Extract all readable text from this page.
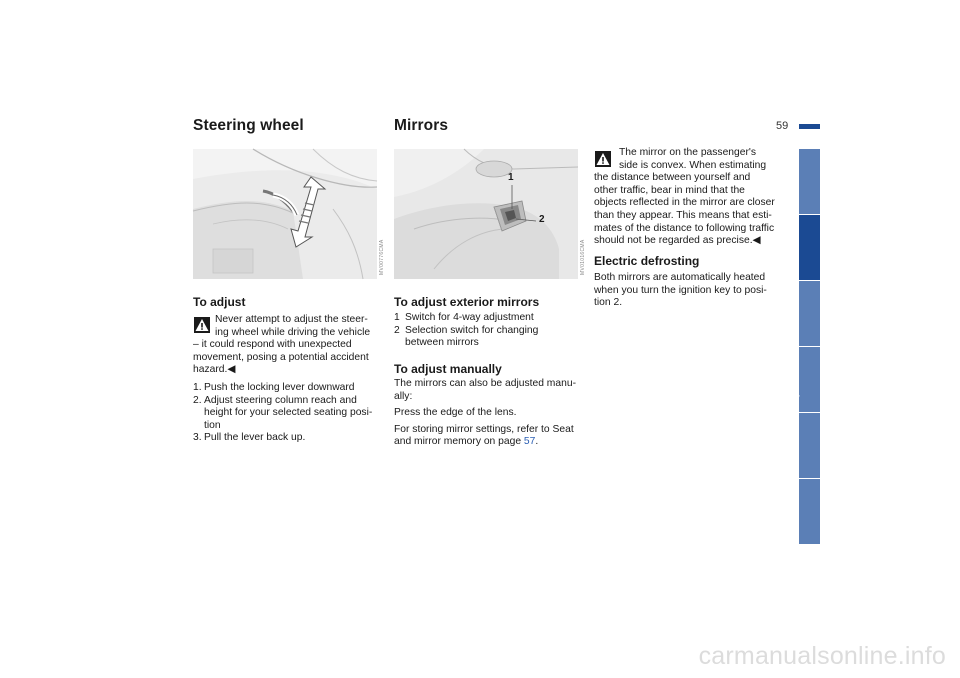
59
Steering wheel
MV00776CMA
To adjust
Never attempt to adjust the steer-
ing wheel while driving the vehicle
– it could respond with unexpected
movement, posing a potential accident
hazard.◀
1. Push the locking lever downward
2. Adjust steering column reach and
height for your selected seating posi-
tion
3. Pull the lever back up.
Mirrors
1
2
MV01016CMA
To adjust exterior mirrors
1 Switch for 4-way adjustment
2 Selection switch for changing
between mirrors
To adjust manually
The mirrors can also be adjusted manu-
ally:
Press the edge of the lens.
For storing mirror settings, refer to Seat
and mirror memory on page 57.
The mirror on the passenger's
side is convex. When estimating
the distance between yourself and
other traffic, bear in mind that the
objects reflected in the mirror are closer
than they appear. This means that esti-
mates of the distance to following traffic
should not be regarded as precise.◀
Electric defrosting
Both mirrors are automatically heated
when you turn the ignition key to posi-
tion 2.
Overview
Controls
Maintenance
Repairs
Data
Index
carmanualsonline.info
